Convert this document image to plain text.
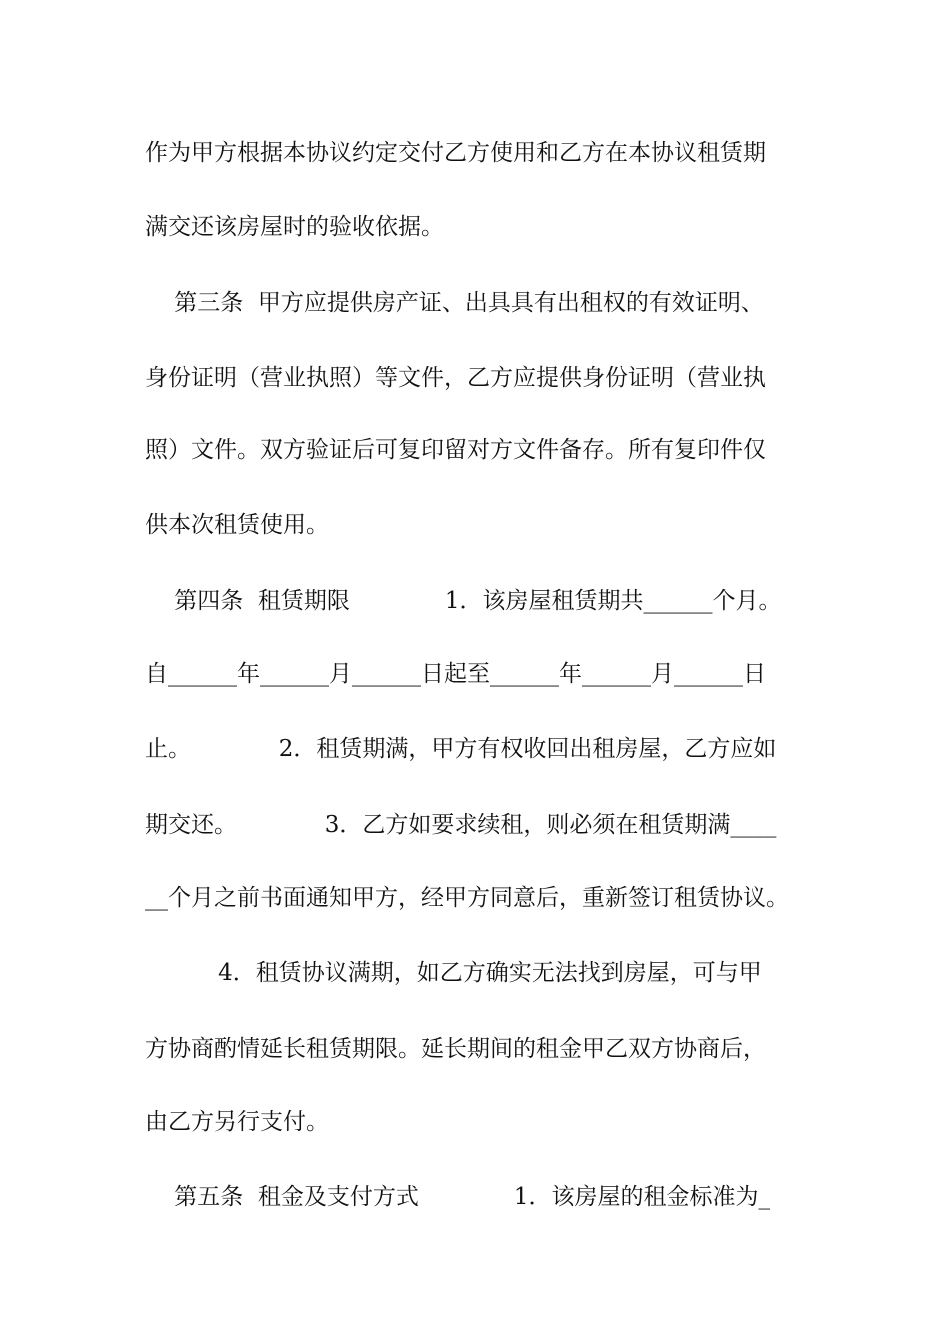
作为甲方根据本协议约定交付乙方使用和乙方在本协议租赁期
满交还该房屋时的验收依据。
第三条  甲方应提供房产证、出具具有出租权的有效证明、
身份证明（营业执照）等文件，乙方应提供身份证明（营业执
照）文件。双方验证后可复印留对方文件备存。所有复印件仅
供本次租赁使用。
第四条  租赁期限             1．该房屋租赁期共______个月。
自______年______月______日起至______年______月______日
止。            2．租赁期满，甲方有权收回出租房屋，乙方应如
期交还。            3．乙方如要求续租，则必须在租赁期满____
__个月之前书面通知甲方，经甲方同意后，重新签订租赁协议。
4．租赁协议满期，如乙方确实无法找到房屋，可与甲
方协商酌情延长租赁期限。延长期间的租金甲乙双方协商后，
由乙方另行支付。
第五条  租金及支付方式             1．该房屋的租金标准为_
